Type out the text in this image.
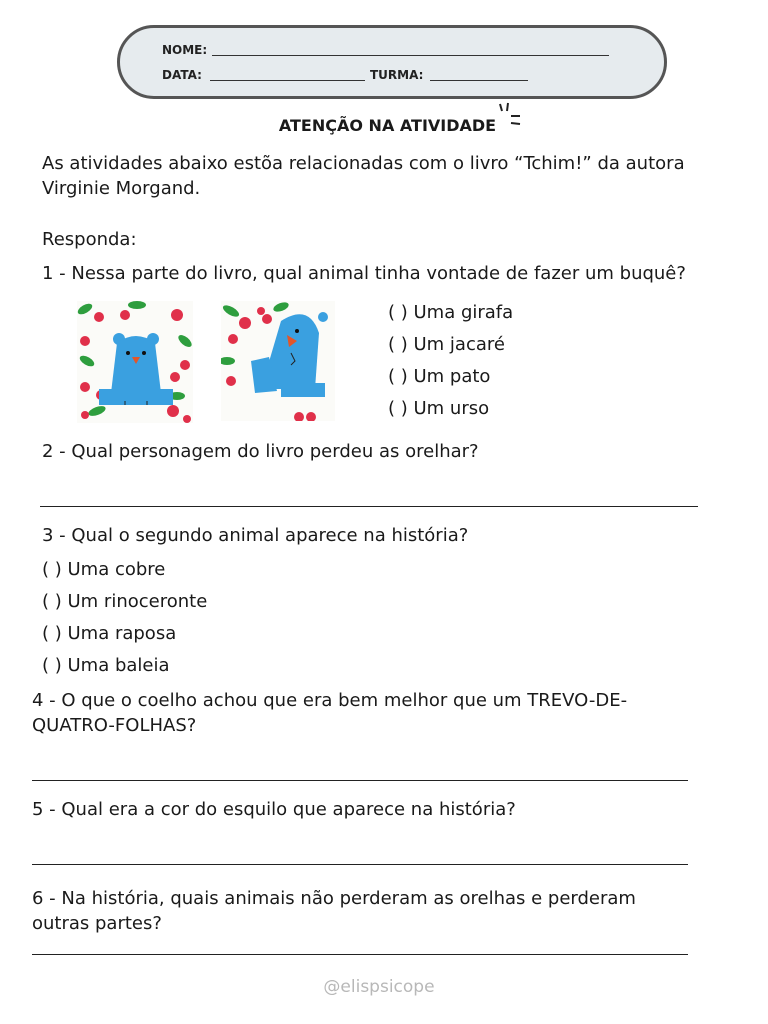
NOME:
DATA:	TURMA:
ATENÇÃO NA ATIVIDADE
As atividades abaixo estõa relacionadas com o livro “Tchim!” da autora
Virginie Morgand.
Responda:
1 - Nessa parte do livro, qual animal tinha vontade de fazer um buquê?
( ) Uma girafa
( ) Um jacaré
( ) Um pato
( ) Um urso
2 - Qual personagem do livro perdeu as orelhar?
3 - Qual o segundo animal aparece na história?
( ) Uma cobre
( ) Um rinoceronte
( ) Uma raposa
( ) Uma baleia
4 - O que o coelho achou que era bem melhor que um TREVO-DE-
QUATRO-FOLHAS?
5 - Qual era a cor do esquilo que aparece na história?
6 - Na história, quais animais não perderam as orelhas e perderam
outras partes?
@elispsicope
